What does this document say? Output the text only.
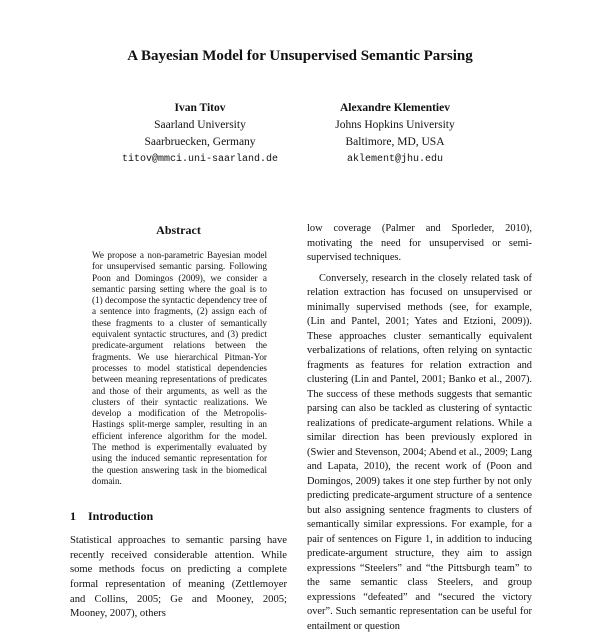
A Bayesian Model for Unsupervised Semantic Parsing
Ivan Titov
Saarland University
Saarbruecken, Germany
titov@mmci.uni-saarland.de
Alexandre Klementiev
Johns Hopkins University
Baltimore, MD, USA
aklement@jhu.edu
Abstract

We propose a non-parametric Bayesian model for unsupervised semantic parsing. Following Poon and Domingos (2009), we consider a semantic parsing setting where the goal is to (1) decompose the syntactic dependency tree of a sentence into fragments, (2) assign each of these fragments to a cluster of semantically equivalent syntactic structures, and (3) predict predicate-argument relations between the fragments. We use hierarchical Pitman-Yor processes to model statistical dependencies between meaning representations of predicates and those of their arguments, as well as the clusters of their syntactic realizations. We develop a modification of the Metropolis-Hastings split-merge sampler, resulting in an efficient inference algorithm for the model. The method is experimentally evaluated by using the induced semantic representation for the question answering task in the biomedical domain.

1 Introduction

Statistical approaches to semantic parsing have recently received considerable attention. While some methods focus on predicting a complete formal representation of meaning (Zettlemoyer and Collins, 2005; Ge and Mooney, 2005; Mooney, 2007), others

low coverage (Palmer and Sporleder, 2010), motivating the need for unsupervised or semi-supervised techniques.

Conversely, research in the closely related task of relation extraction has focused on unsupervised or minimally supervised methods (see, for example, (Lin and Pantel, 2001; Yates and Etzioni, 2009)). These approaches cluster semantically equivalent verbalizations of relations, often relying on syntactic fragments as features for relation extraction and clustering (Lin and Pantel, 2001; Banko et al., 2007). The success of these methods suggests that semantic parsing can also be tackled as clustering of syntactic realizations of predicate-argument relations. While a similar direction has been previously explored in (Swier and Stevenson, 2004; Abend et al., 2009; Lang and Lapata, 2010), the recent work of (Poon and Domingos, 2009) takes it one step further by not only predicting predicate-argument structure of a sentence but also assigning sentence fragments to clusters of semantically similar expressions. For example, for a pair of sentences on Figure 1, in addition to inducing predicate-argument structure, they aim to assign expressions “Steelers” and “the Pittsburgh team” to the same semantic class Steelers, and group expressions “defeated” and “secured the victory over”. Such semantic representation can be useful for entailment or question
